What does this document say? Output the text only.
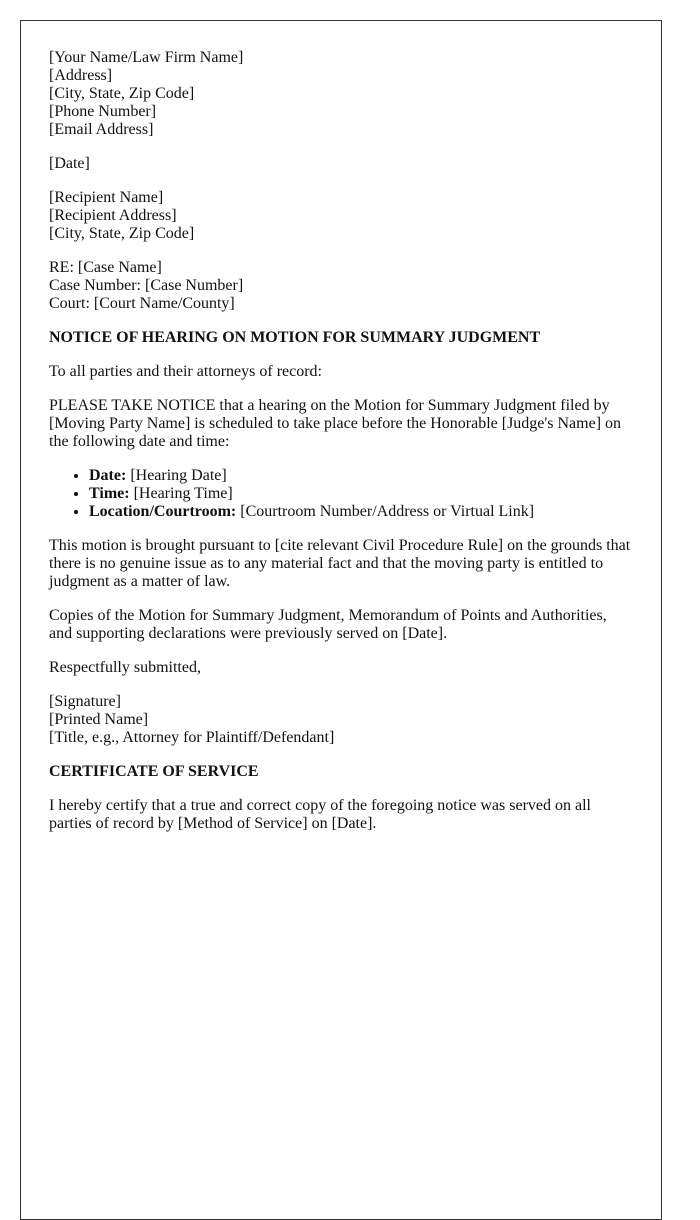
[Your Name/Law Firm Name]
[Address]
[City, State, Zip Code]
[Phone Number]
[Email Address]

[Date]

[Recipient Name]
[Recipient Address]
[City, State, Zip Code]

RE: [Case Name]
Case Number: [Case Number]
Court: [Court Name/County]

NOTICE OF HEARING ON MOTION FOR SUMMARY JUDGMENT

To all parties and their attorneys of record:

PLEASE TAKE NOTICE that a hearing on the Motion for Summary Judgment filed by [Moving Party Name] is scheduled to take place before the Honorable [Judge's Name] on the following date and time:

• Date: [Hearing Date]
• Time: [Hearing Time]
• Location/Courtroom: [Courtroom Number/Address or Virtual Link]

This motion is brought pursuant to [cite relevant Civil Procedure Rule] on the grounds that there is no genuine issue as to any material fact and that the moving party is entitled to judgment as a matter of law.

Copies of the Motion for Summary Judgment, Memorandum of Points and Authorities, and supporting declarations were previously served on [Date].

Respectfully submitted,

[Signature]
[Printed Name]
[Title, e.g., Attorney for Plaintiff/Defendant]

CERTIFICATE OF SERVICE

I hereby certify that a true and correct copy of the foregoing notice was served on all parties of record by [Method of Service] on [Date].
